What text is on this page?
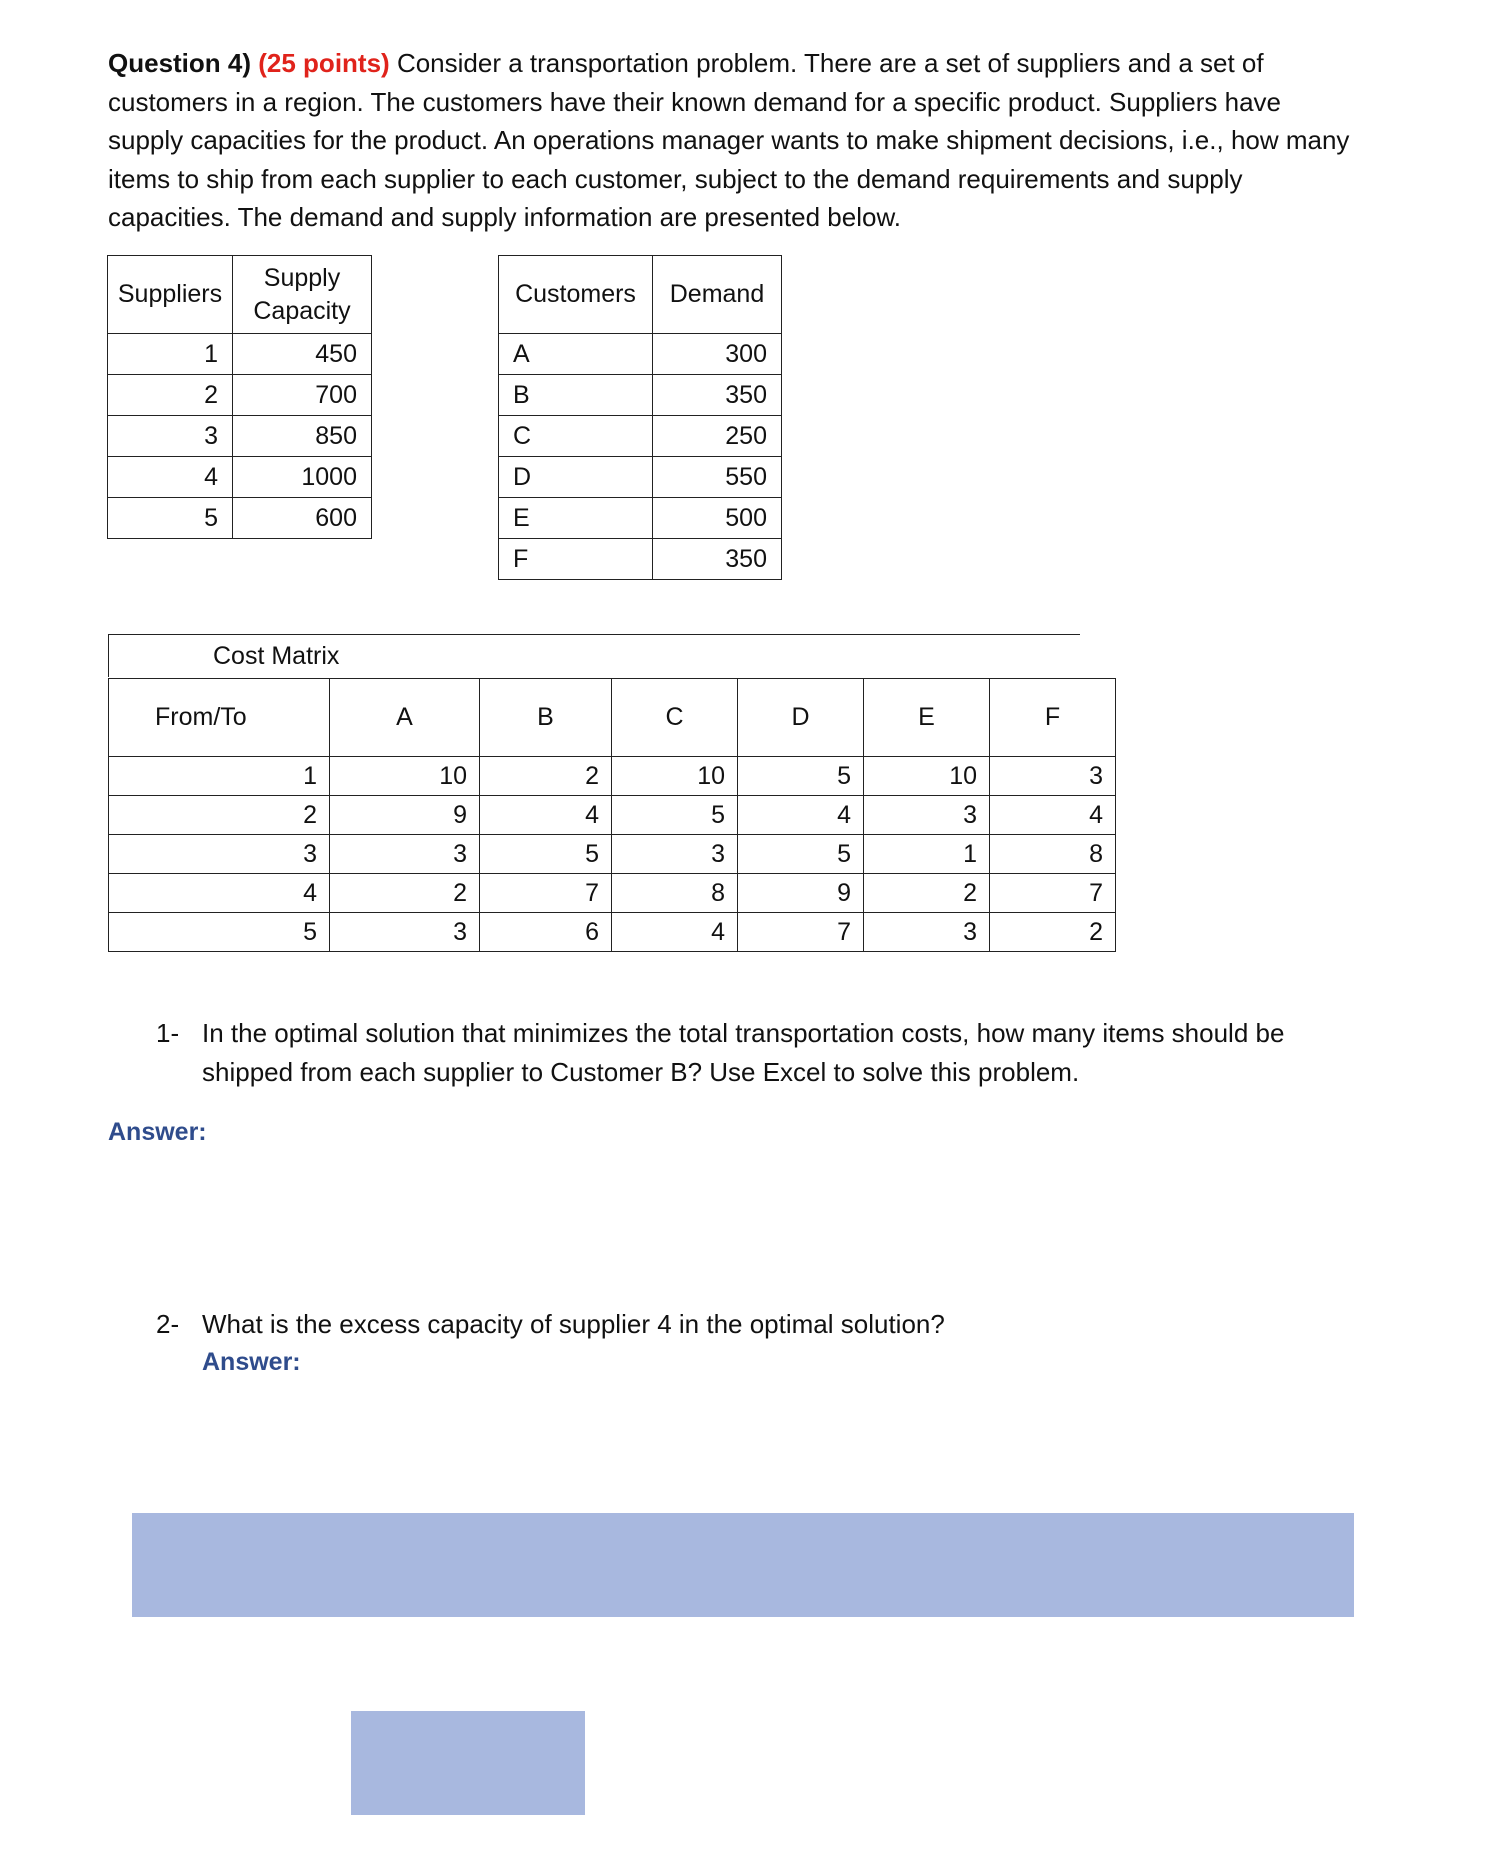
Question 4) (25 points) Consider a transportation problem. There are a set of suppliers and a set of customers in a region. The customers have their known demand for a specific product. Suppliers have supply capacities for the product. An operations manager wants to make shipment decisions, i.e., how many items to ship from each supplier to each customer, subject to the demand requirements and supply capacities. The demand and supply information are presented below.
Suppliers	Supply Capacity
1	450
2	700
3	850
4	1000
5	600
Customers	Demand
A	300
B	350
C	250
D	550
E	500
F	350
Cost Matrix
From/To	A	B	C	D	E	F
1	10	2	10	5	10	3
2	9	4	5	4	3	4
3	3	5	3	5	1	8
4	2	7	8	9	2	7
5	3	6	4	7	3	2
1- In the optimal solution that minimizes the total transportation costs, how many items should be shipped from each supplier to Customer B? Use Excel to solve this problem.
Answer:
2- What is the excess capacity of supplier 4 in the optimal solution?
Answer:
